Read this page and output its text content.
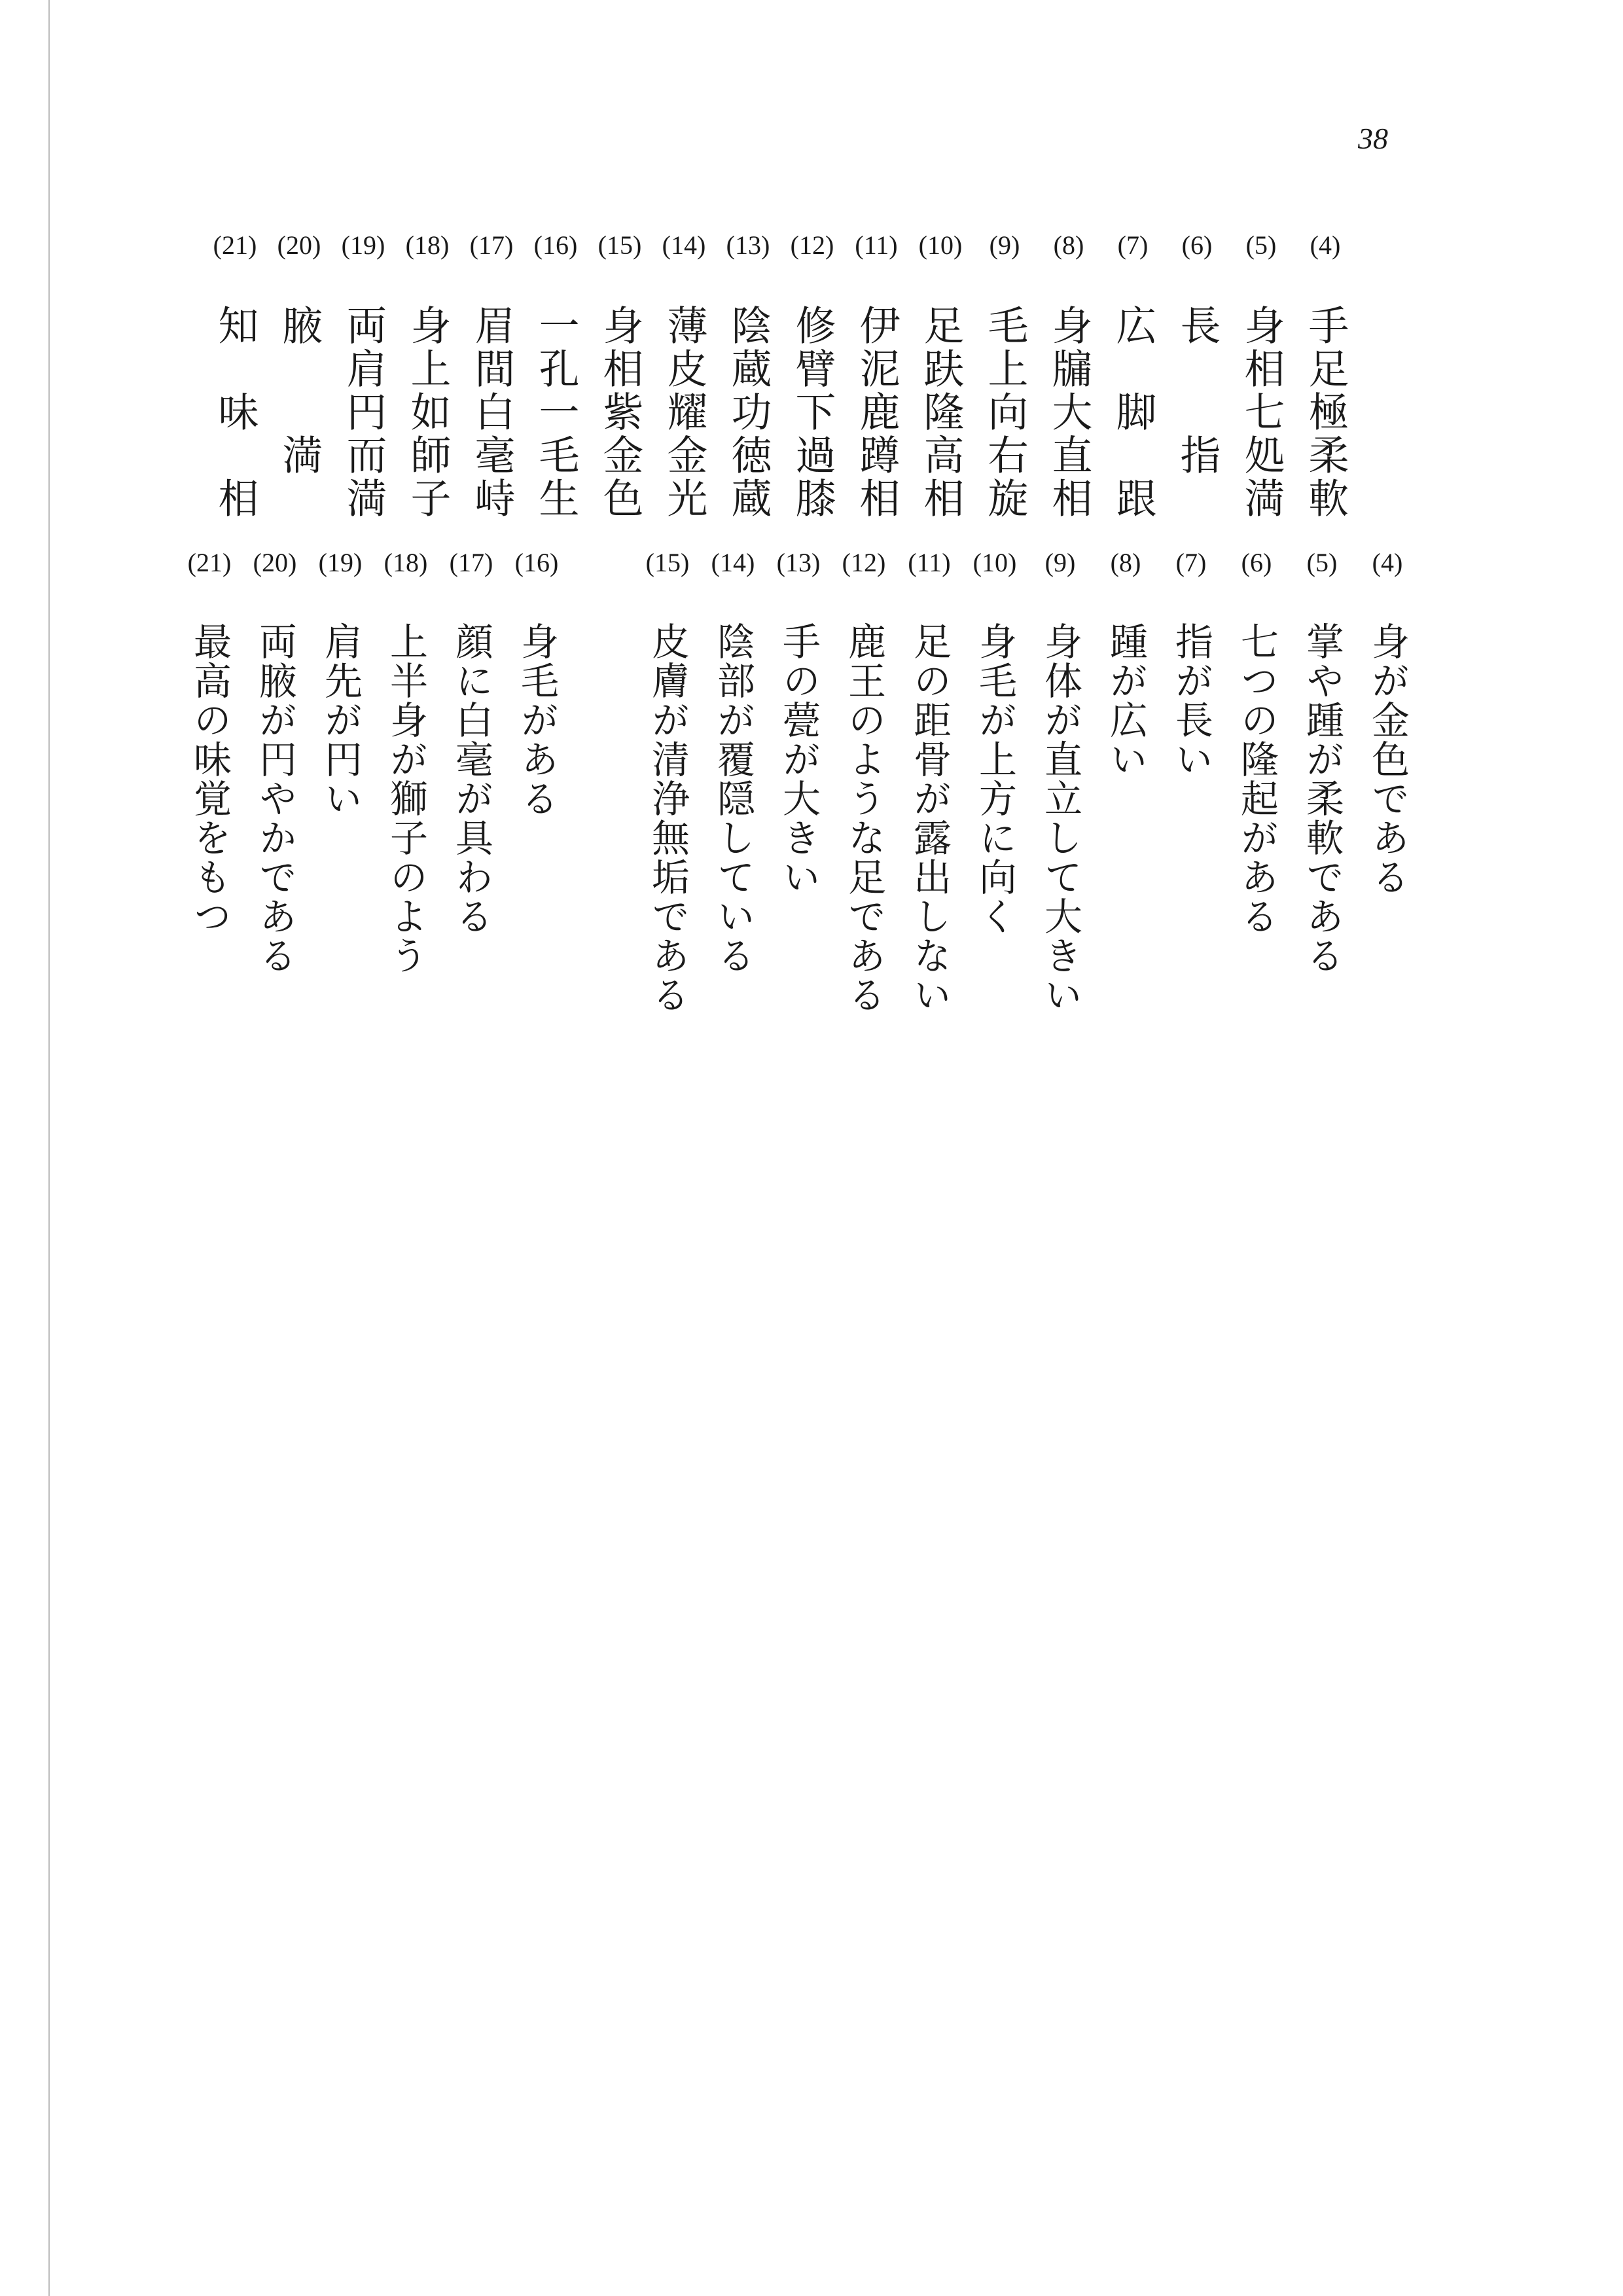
38
(4)
手足極柔軟
(5)
身相七処満
(6)
長　　指
(7)
広　脚　跟
(8)
身牖大直相
(9)
毛上向右旋
(10)
足趺隆高相
(11)
伊泥鹿蹲相
(12)
修臂下過膝
(13)
陰蔵功徳蔵
(14)
薄皮耀金光
(15)
身相紫金色
(16)
一孔一毛生
(17)
眉間白毫峙
(18)
身上如師子
(19)
両肩円而満
(20)
腋　　満
(21)
知　味　相
(4)
身が金色である
(5)
掌や踵が柔軟である
(6)
七つの隆起がある
(7)
指が長い
(8)
踵が広い
(9)
身体が直立して大きい
(10)
身毛が上方に向く
(11)
足の距骨が露出しない
(12)
鹿王のような足である
(13)
手の甍が大きい
(14)
陰部が覆隠している
(15)
皮膚が清浄無垢である
(16)
身毛がある
(17)
顔に白毫が具わる
(18)
上半身が獅子のよう
(19)
肩先が円い
(20)
両腋が円やかである
(21)
最高の味覚をもつ
